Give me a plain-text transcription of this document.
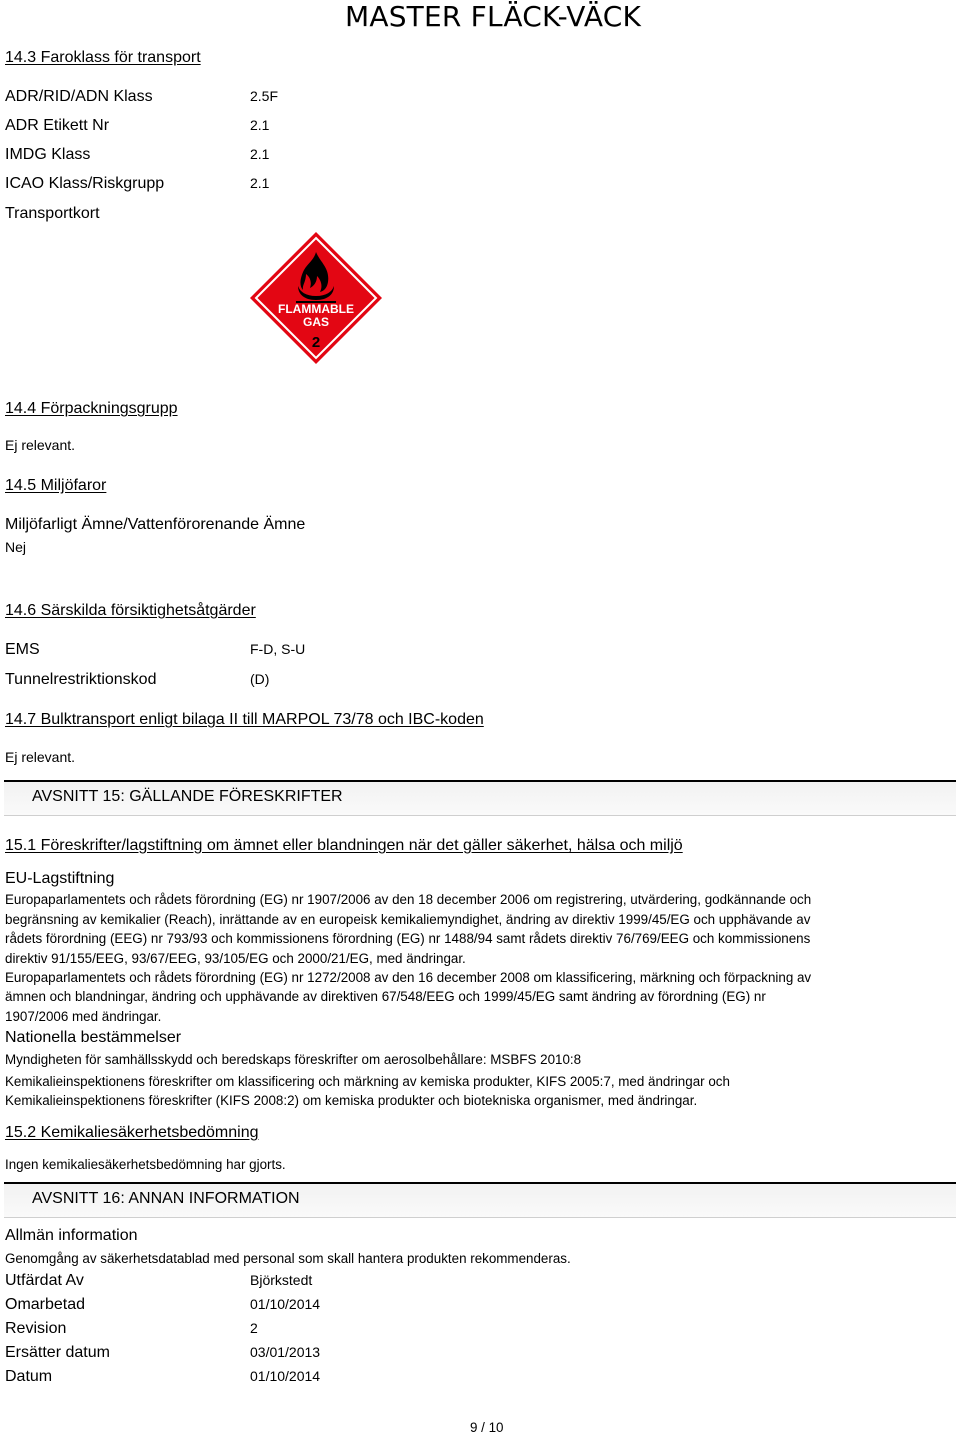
MASTER FLÄCK-VÄCK
14.3 Faroklass för transport
ADR/RID/ADN Klass	2.5F
ADR Etikett Nr	2.1
IMDG Klass	2.1
ICAO Klass/Riskgrupp	2.1
Transportkort
FLAMMABLE
GAS
2
14.4 Förpackningsgrupp
Ej relevant.
14.5 Miljöfaror
Miljöfarligt Ämne/Vattenförorenande Ämne
Nej
14.6 Särskilda försiktighetsåtgärder
EMS	F-D, S-U
Tunnelrestriktionskod	(D)
14.7 Bulktransport enligt bilaga II till MARPOL 73/78 och IBC-koden
Ej relevant.
AVSNITT 15: GÄLLANDE FÖRESKRIFTER
15.1 Föreskrifter/lagstiftning om ämnet eller blandningen när det gäller säkerhet, hälsa och miljö
EU-Lagstiftning
Europaparlamentets och rådets förordning (EG) nr 1907/2006 av den 18 december 2006 om registrering, utvärdering, godkännande och
begränsning av kemikalier (Reach), inrättande av en europeisk kemikaliemyndighet, ändring av direktiv 1999/45/EG och upphävande av
rådets förordning (EEG) nr 793/93 och kommissionens förordning (EG) nr 1488/94 samt rådets direktiv 76/769/EEG och kommissionens
direktiv 91/155/EEG, 93/67/EEG, 93/105/EG och 2000/21/EG, med ändringar.
Europaparlamentets och rådets förordning (EG) nr 1272/2008 av den 16 december 2008 om klassificering, märkning och förpackning av
ämnen och blandningar, ändring och upphävande av direktiven 67/548/EEG och 1999/45/EG samt ändring av förordning (EG) nr
1907/2006 med ändringar.
Nationella bestämmelser
Myndigheten för samhällsskydd och beredskaps föreskrifter om aerosolbehållare: MSBFS 2010:8
Kemikalieinspektionens föreskrifter om klassificering och märkning av kemiska produkter, KIFS 2005:7, med ändringar och
Kemikalieinspektionens föreskrifter (KIFS 2008:2) om kemiska produkter och biotekniska organismer, med ändringar.
15.2 Kemikaliesäkerhetsbedömning
Ingen kemikaliesäkerhetsbedömning har gjorts.
AVSNITT 16: ANNAN INFORMATION
Allmän information
Genomgång av säkerhetsdatablad med personal som skall hantera produkten rekommenderas.
Utfärdat Av	Björkstedt
Omarbetad	01/10/2014
Revision	2
Ersätter datum	03/01/2013
Datum	01/10/2014
9 / 10
